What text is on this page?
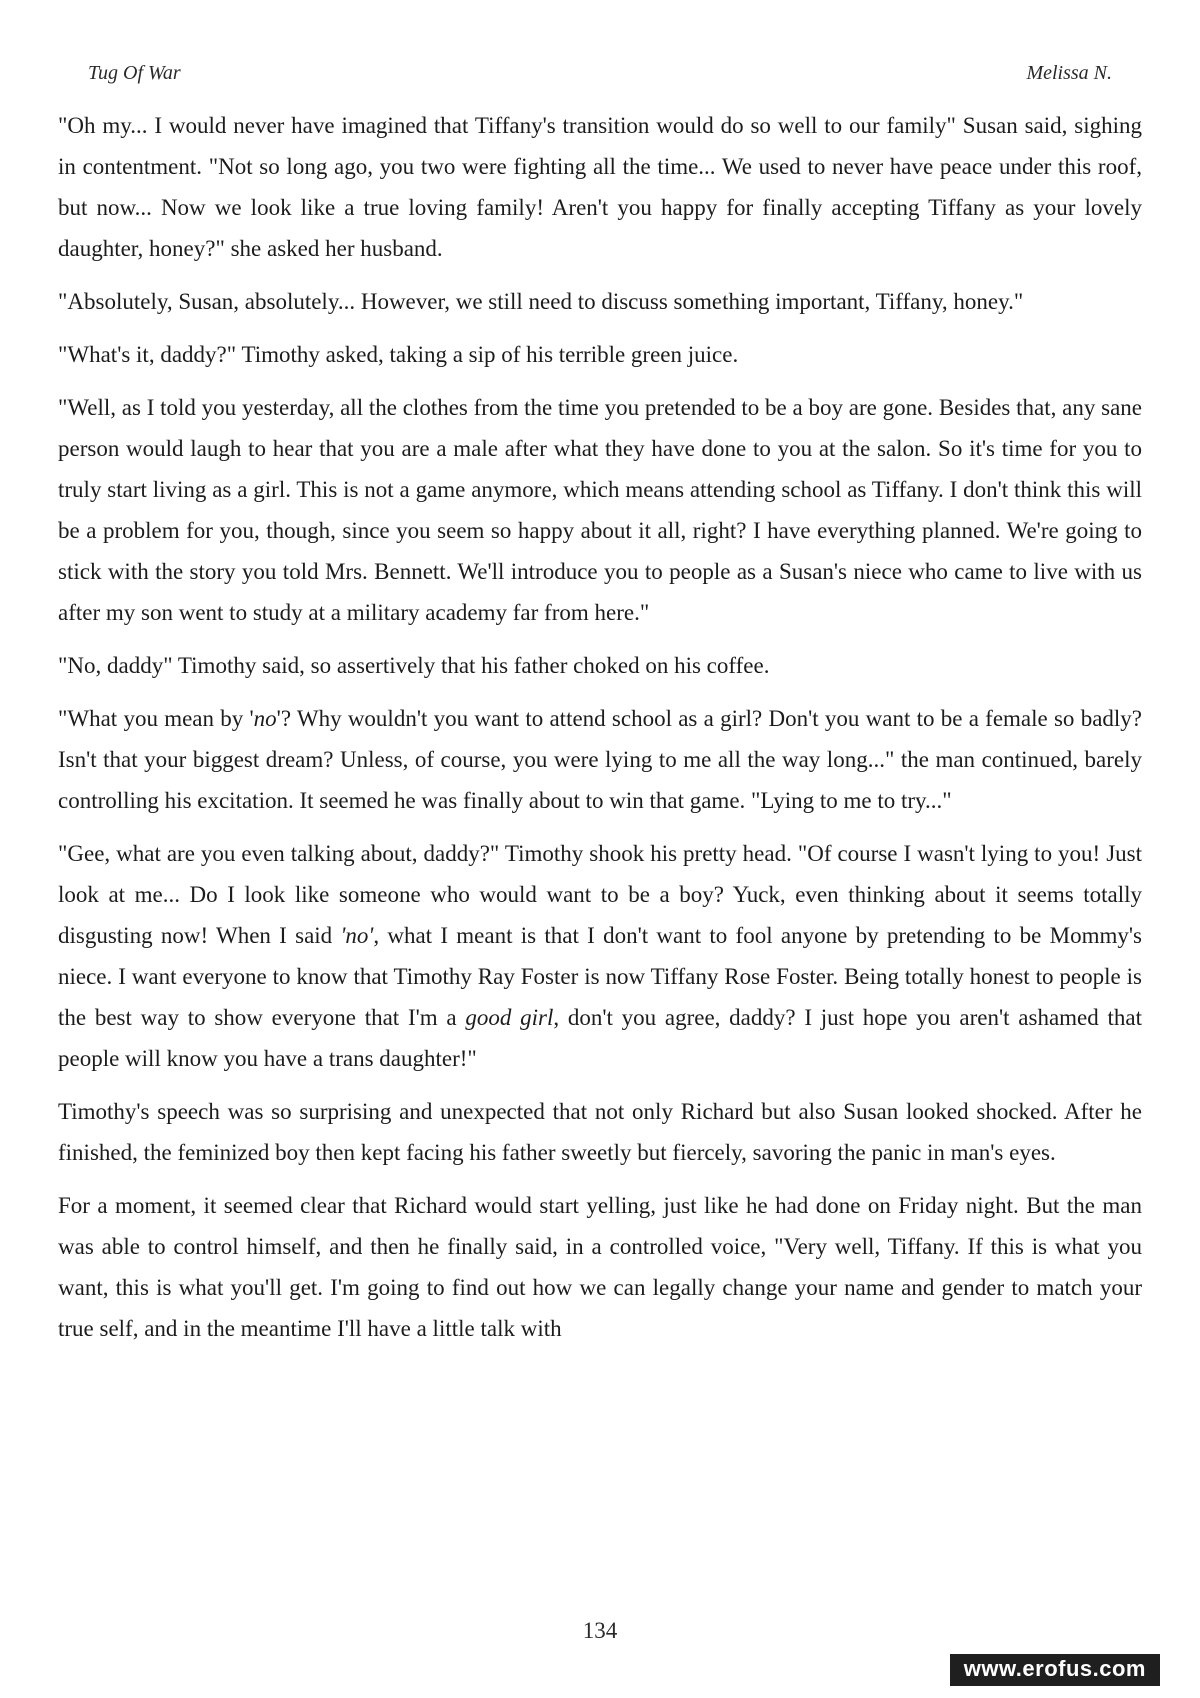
Tug Of War	Melissa N.

"Oh my... I would never have imagined that Tiffany's transition would do so well to our family" Susan said, sighing in contentment. "Not so long ago, you two were fighting all the time... We used to never have peace under this roof, but now... Now we look like a true loving family! Aren't you happy for finally accepting Tiffany as your lovely daughter, honey?" she asked her husband.

"Absolutely, Susan, absolutely... However, we still need to discuss something important, Tiffany, honey."

"What's it, daddy?" Timothy asked, taking a sip of his terrible green juice.

"Well, as I told you yesterday, all the clothes from the time you pretended to be a boy are gone. Besides that, any sane person would laugh to hear that you are a male after what they have done to you at the salon. So it's time for you to truly start living as a girl. This is not a game anymore, which means attending school as Tiffany. I don't think this will be a problem for you, though, since you seem so happy about it all, right? I have everything planned. We're going to stick with the story you told Mrs. Bennett. We'll introduce you to people as a Susan's niece who came to live with us after my son went to study at a military academy far from here."

"No, daddy" Timothy said, so assertively that his father choked on his coffee.

"What you mean by 'no'? Why wouldn't you want to attend school as a girl? Don't you want to be a female so badly? Isn't that your biggest dream? Unless, of course, you were lying to me all the way long..." the man continued, barely controlling his excitation. It seemed he was finally about to win that game. "Lying to me to try..."

"Gee, what are you even talking about, daddy?" Timothy shook his pretty head. "Of course I wasn't lying to you! Just look at me... Do I look like someone who would want to be a boy? Yuck, even thinking about it seems totally disgusting now! When I said 'no', what I meant is that I don't want to fool anyone by pretending to be Mommy's niece. I want everyone to know that Timothy Ray Foster is now Tiffany Rose Foster. Being totally honest to people is the best way to show everyone that I'm a good girl, don't you agree, daddy? I just hope you aren't ashamed that people will know you have a trans daughter!"

Timothy's speech was so surprising and unexpected that not only Richard but also Susan looked shocked. After he finished, the feminized boy then kept facing his father sweetly but fiercely, savoring the panic in man's eyes.

For a moment, it seemed clear that Richard would start yelling, just like he had done on Friday night. But the man was able to control himself, and then he finally said, in a controlled voice, "Very well, Tiffany. If this is what you want, this is what you'll get. I'm going to find out how we can legally change your name and gender to match your true self, and in the meantime I'll have a little talk with

134
www.erofus.com
